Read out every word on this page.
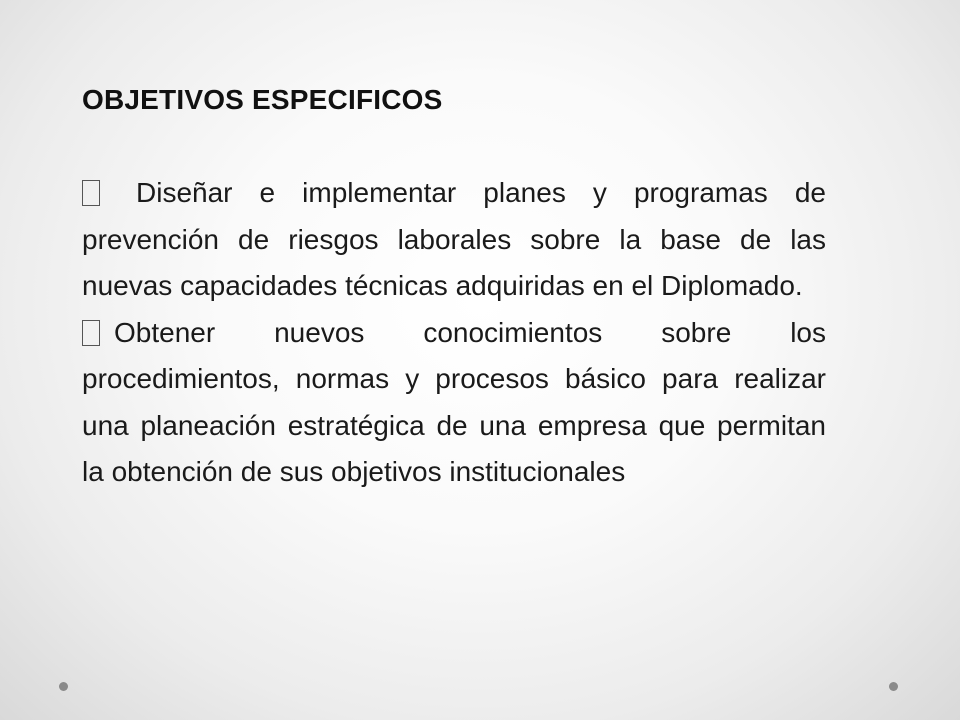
OBJETIVOS ESPECIFICOS

Diseñar e implementar planes y programas de prevención de riesgos laborales sobre la base de las nuevas capacidades técnicas adquiridas en el Diplomado.

Obtener nuevos conocimientos sobre los procedimientos, normas y procesos básico para realizar una planeación estratégica de una empresa que permitan la obtención de sus objetivos institucionales
